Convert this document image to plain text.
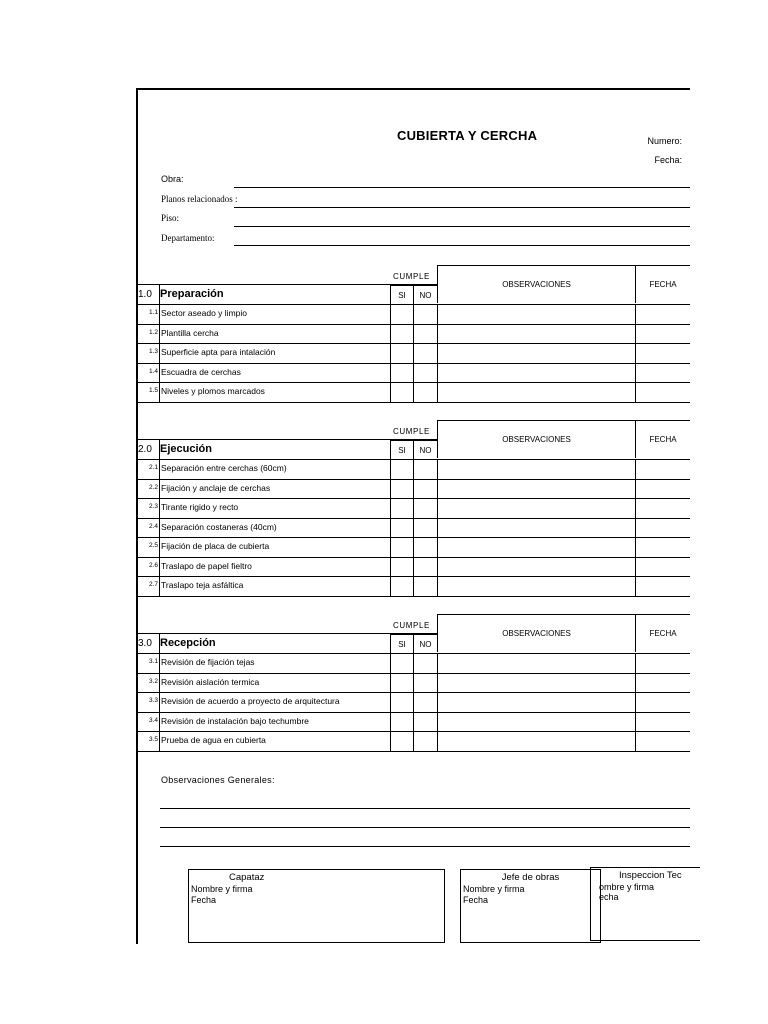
CUBIERTA Y CERCHA	Numero:
Fecha:
Obra:
Planos relacionados :
Piso:
Departamento:
CUMPLE
OBSERVACIONES	FECHA
SI	NO
1.0 Preparación
1.1 Sector aseado y limpio
1.2 Plantilla cercha
1.3 Superficie apta para intalación
1.4 Escuadra de cerchas
1.5 Niveles y plomos marcados
CUMPLE
OBSERVACIONES	FECHA
SI	NO
2.0 Ejecución
2.1 Separación entre cerchas (60cm)
2.2 Fijación y anclaje de cerchas
2.3 Tirante rigido y recto
2.4 Separación costaneras (40cm)
2.5 Fijación de placa de cubierta
2.6 Traslapo de papel fieltro
2.7 Traslapo teja asfáltica
CUMPLE
OBSERVACIONES	FECHA
SI	NO
3.0 Recepción
3.1 Revisión de fijación tejas
3.2 Revisión aislación termica
3.3 Revisión de acuerdo a proyecto de arquitectura
3.4 Revisión de instalación bajo techumbre
3.5 Prueba de agua en cubierta
Observaciones Generales:
Capataz
Nombre y firma
Fecha
Jefe de obras
Nombre y firma
Fecha
Inspeccion Tec
ombre y firma
echa
